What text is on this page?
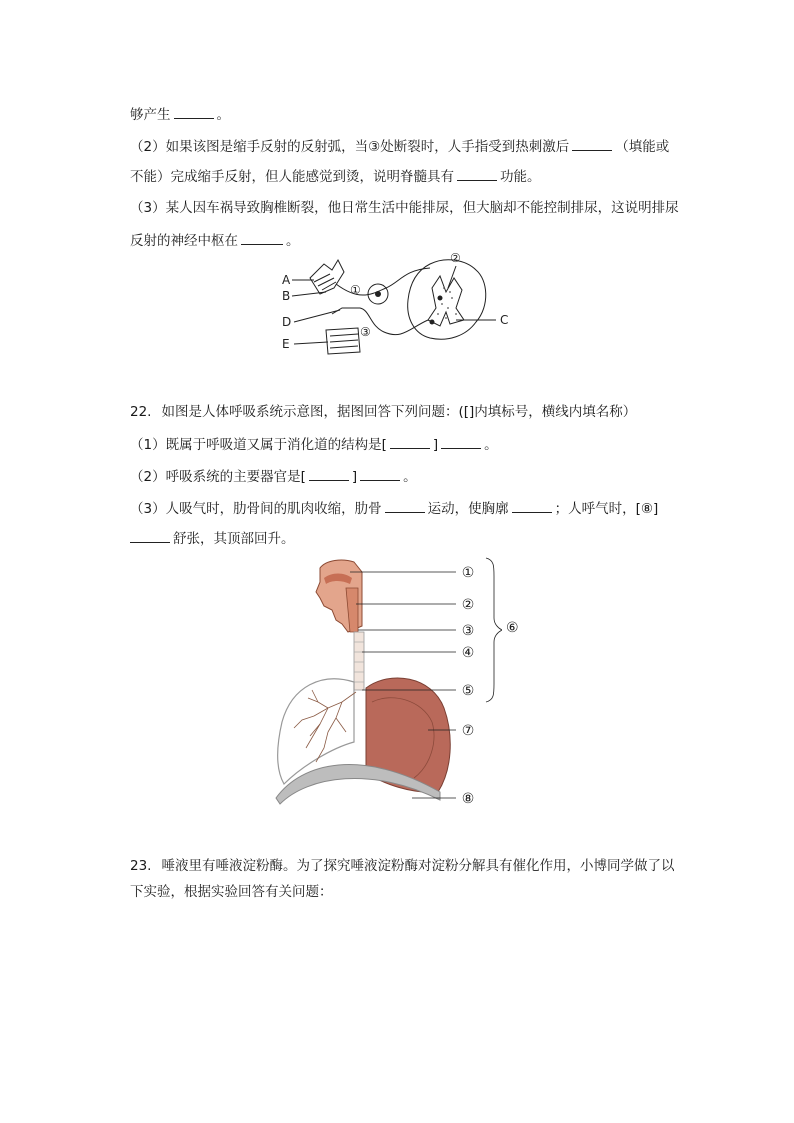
够产生	。
（2）如果该图是缩手反射的反射弧，当③处断裂时，人手指受到热刺激后	（填能或
不能）完成缩手反射，但人能感觉到烫，说明脊髓具有	功能。
（3）某人因车祸导致胸椎断裂，他日常生活中能排尿，但大脑却不能控制排尿，这说明排尿
反射的神经中枢在	。
A
B
C
D
E
①
②
③
22. 如图是人体呼吸系统示意图，据图回答下列问题：([]内填标号，横线内填名称）
（1）既属于呼吸道又属于消化道的结构是[	]	。
（2）呼吸系统的主要器官是[	]	。
（3）人吸气时，肋骨间的肌肉收缩，肋骨	运动，使胸廓	；人呼气时，[⑧]
舒张，其顶部回升。
①
②
③
④
⑤
⑦
⑧
⑥
23. 唾液里有唾液淀粉酶。为了探究唾液淀粉酶对淀粉分解具有催化作用，小博同学做了以
下实验，根据实验回答有关问题：
